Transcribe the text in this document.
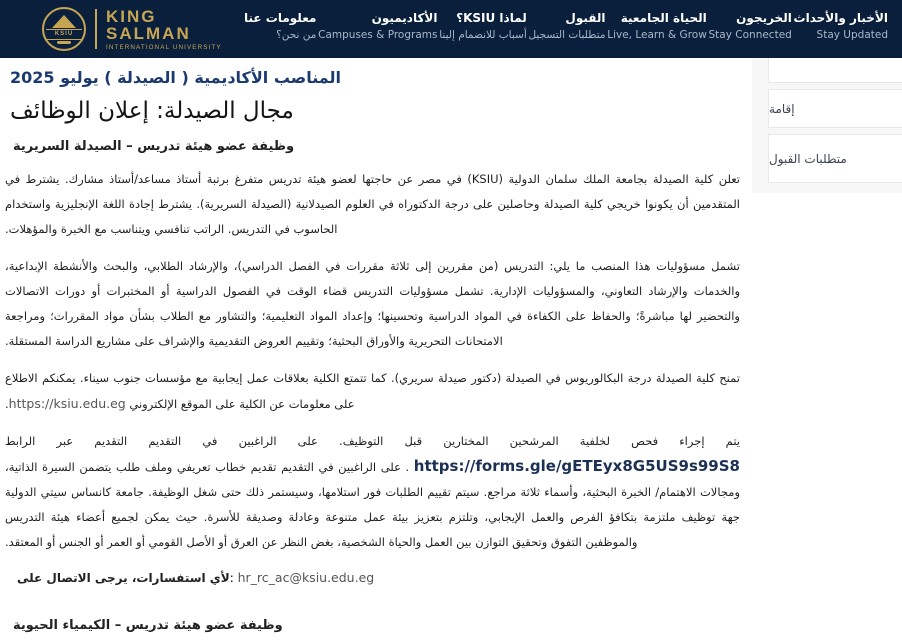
KSIU
KING
SALMAN
INTERNATIONAL UNIVERSITY
معلومات عنا
من نحن؟
الأكاديميون
Campuses & Programs
لماذا KSIU؟
أسباب للانضمام إلينا
القبول
متطلبات التسجيل
الحياة الجامعية
Live, Learn & Grow
الخريجون
Stay Connected
الأخبار والأحداث
Stay Updated
إقامة
متطلبات القبول
المناصب الأكاديمية ( الصيدلة ) يوليو 2025
مجال الصيدلة: إعلان الوظائف
وظيفة عضو هيئة تدريس – الصيدلة السريرية

تعلن كلية الصيدلة بجامعة الملك سلمان الدولية (KSIU) في مصر عن حاجتها لعضو هيئة تدريس متفرغ برتبة أستاذ مساعد/أستاذ مشارك. يشترط في المتقدمين أن يكونوا خريجي كلية الصيدلة وحاصلين على درجة الدكتوراه في العلوم الصيدلانية (الصيدلة السريرية). يشترط إجادة اللغة الإنجليزية واستخدام الحاسوب في التدريس. الراتب تنافسي ويتناسب مع الخبرة والمؤهلات.

تشمل مسؤوليات هذا المنصب ما يلي: التدريس (من مقررين إلى ثلاثة مقررات في الفصل الدراسي)، والإرشاد الطلابي، والبحث والأنشطة الإبداعية، والخدمات والإرشاد التعاوني، والمسؤوليات الإدارية. تشمل مسؤوليات التدريس قضاء الوقت في الفصول الدراسية أو المختبرات أو دورات الاتصالات والتحضير لها مباشرةً؛ والحفاظ على الكفاءة في المواد الدراسية وتحسينها؛ وإعداد المواد التعليمية؛ والتشاور مع الطلاب بشأن مواد المقررات؛ ومراجعة الامتحانات التحريرية والأوراق البحثية؛ وتقييم العروض التقديمية والإشراف على مشاريع الدراسة المستقلة.

تمنح كلية الصيدلة درجة البكالوريوس في الصيدلة (دكتور صيدلة سريري). كما تتمتع الكلية بعلاقات عمل إيجابية مع مؤسسات جنوب سيناء. يمكنكم الاطلاع على معلومات عن الكلية على الموقع الإلكتروني https://ksiu.edu.eg.

يتم إجراء فحص لخلفية المرشحين المختارين قبل التوظيف. على الراغبين في التقديم التقديم عبر الرابط https://forms.gle/gETEyx8G5US9s99S8 . على الراغبين في التقديم تقديم خطاب تعريفي وملف طلب يتضمن السيرة الذاتية، ومجالات الاهتمام/ الخبرة البحثية، وأسماء ثلاثة مراجع. سيتم تقييم الطلبات فور استلامها، وسيستمر ذلك حتى شغل الوظيفة. جامعة كانساس سيتي الدولية جهة توظيف ملتزمة بتكافؤ الفرص والعمل الإيجابي، وتلتزم بتعزيز بيئة عمل متنوعة وعادلة وصديقة للأسرة. حيث يمكن لجميع أعضاء هيئة التدريس والموظفين التفوق وتحقيق التوازن بين العمل والحياة الشخصية، بغض النظر عن العرق أو الأصل القومي أو العمر أو الجنس أو المعتقد.

لأي استفسارات، يرجى الاتصال على: hr_rc_ac@ksiu.edu.eg

وظيفة عضو هيئة تدريس – الكيمياء الحيوية
